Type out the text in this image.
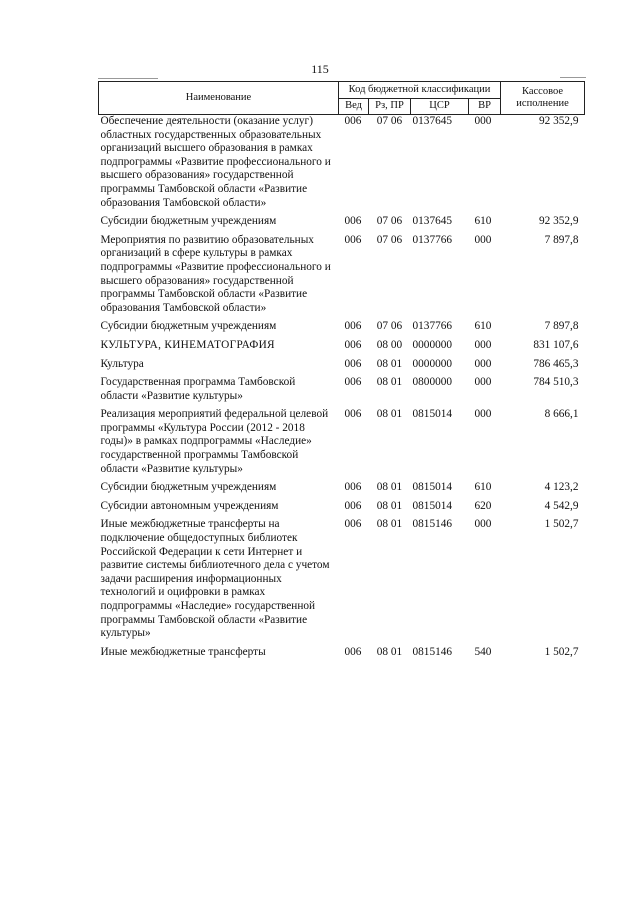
115
Наименование	Код бюджетной классификации				Кассовое исполнение
	Вед	Рз, ПР	ЦСР	ВР	
Обеспечение деятельности (оказание услуг) областных государственных образовательных организаций высшего образования в рамках подпрограммы «Развитие профессионального и высшего образования» государственной программы Тамбовской области «Развитие образования Тамбовской области»	006	07 06	0137645	000	92 352,9
Субсидии бюджетным учреждениям	006	07 06	0137645	610	92 352,9
Мероприятия по развитию образовательных организаций в сфере культуры в рамках подпрограммы «Развитие профессионального и высшего образования» государственной программы Тамбовской области «Развитие образования Тамбовской области»	006	07 06	0137766	000	7 897,8
Субсидии бюджетным учреждениям	006	07 06	0137766	610	7 897,8
КУЛЬТУРА, КИНЕМАТОГРАФИЯ	006	08 00	0000000	000	831 107,6
Культура	006	08 01	0000000	000	786 465,3
Государственная программа Тамбовской области «Развитие культуры»	006	08 01	0800000	000	784 510,3
Реализация мероприятий федеральной целевой программы «Культура России (2012 - 2018 годы)» в рамках подпрограммы «Наследие» государственной программы Тамбовской области «Развитие культуры»	006	08 01	0815014	000	8 666,1
Субсидии бюджетным учреждениям	006	08 01	0815014	610	4 123,2
Субсидии автономным учреждениям	006	08 01	0815014	620	4 542,9
Иные межбюджетные трансферты на подключение общедоступных библиотек Российской Федерации к сети Интернет и развитие системы библиотечного дела с учетом задачи расширения информационных технологий и оцифровки в рамках подпрограммы «Наследие» государственной программы Тамбовской области «Развитие культуры»	006	08 01	0815146	000	1 502,7
Иные межбюджетные трансферты	006	08 01	0815146	540	1 502,7
